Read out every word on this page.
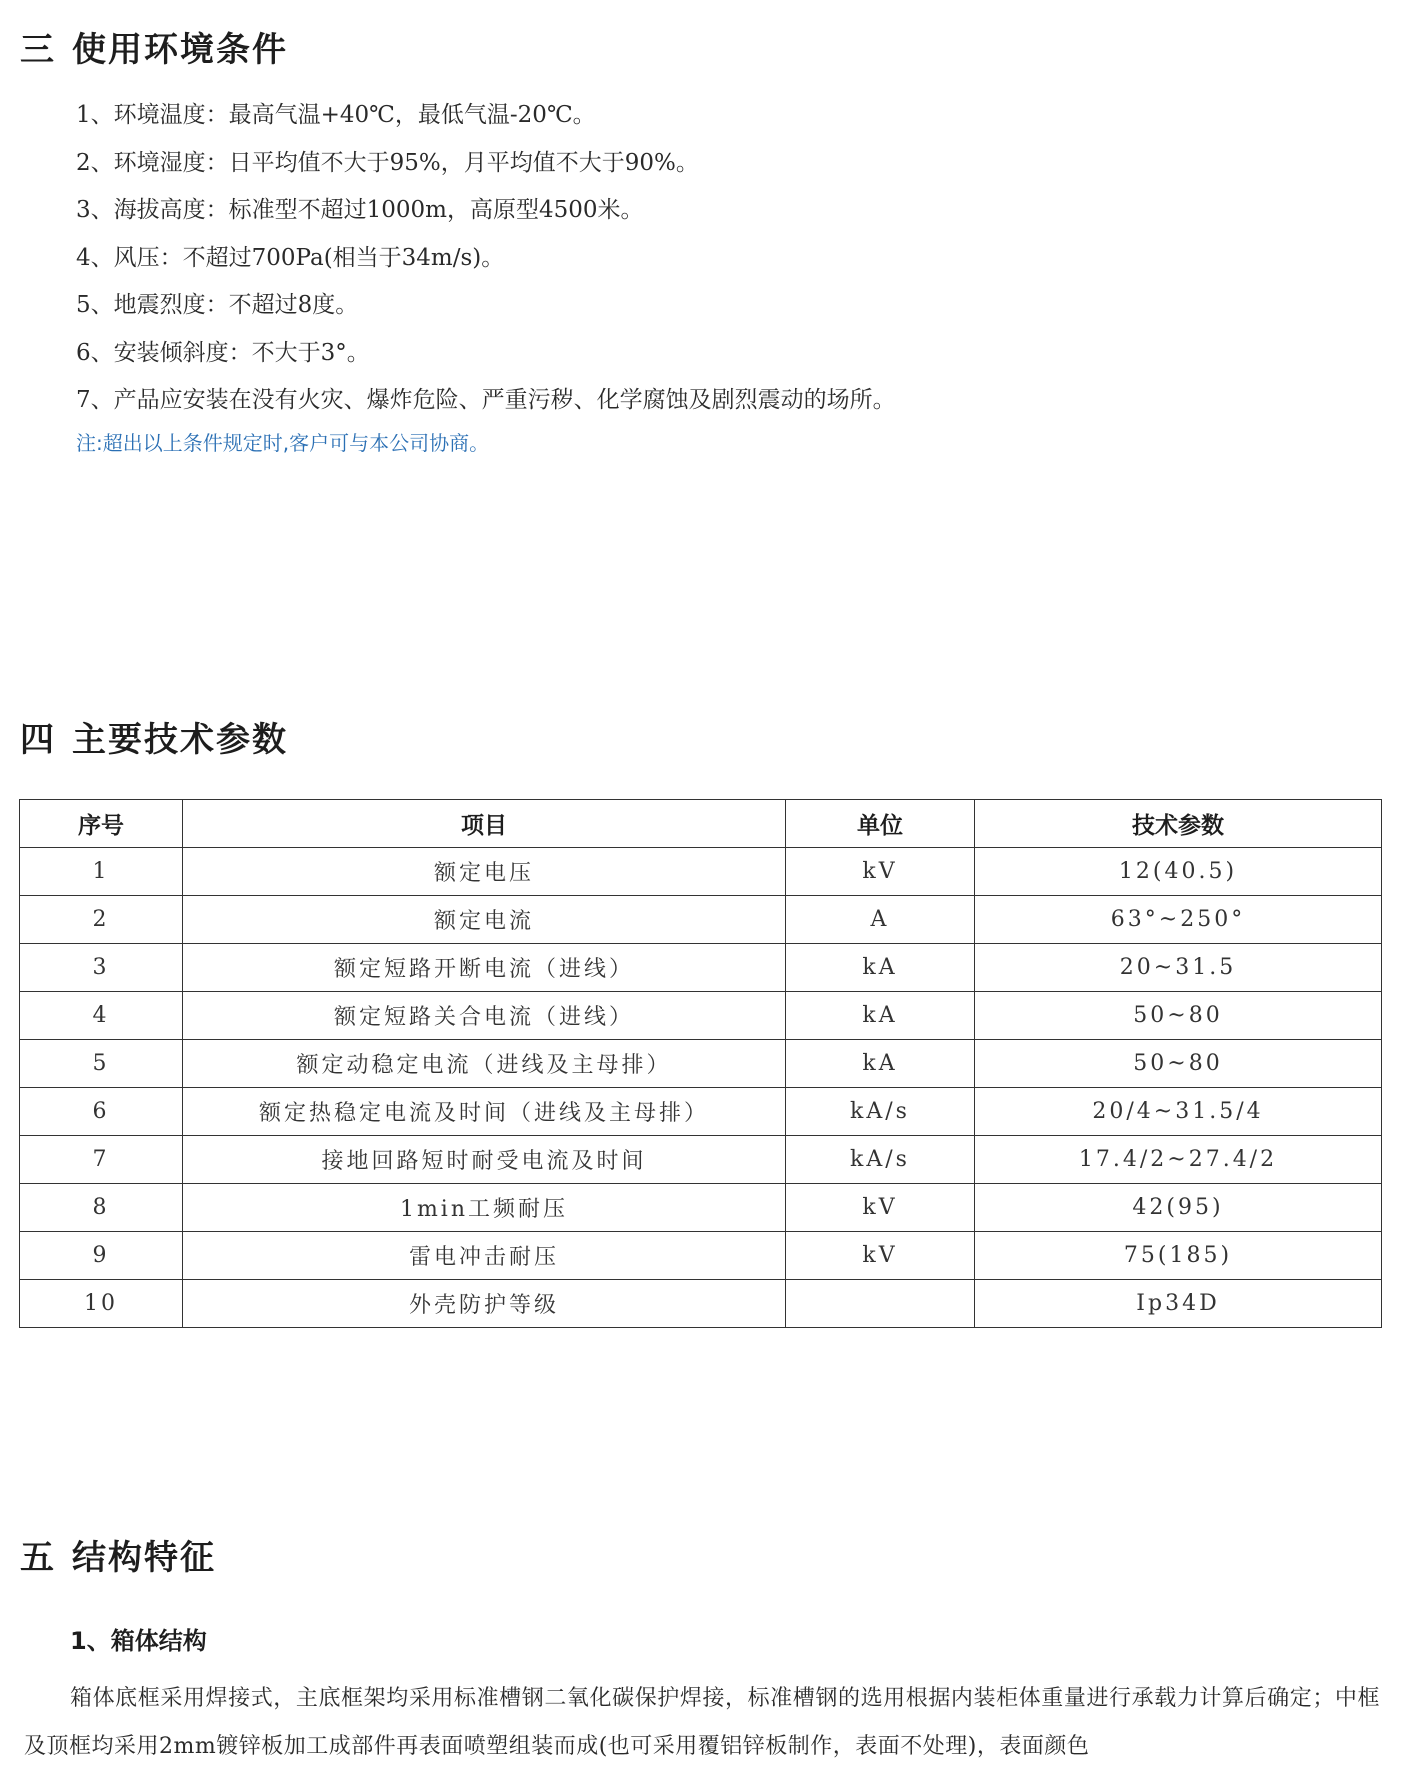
三 使用环境条件
1、环境温度：最高气温+40℃，最低气温-20℃。
2、环境湿度：日平均值不大于95%，月平均值不大于90%。
3、海拔高度：标准型不超过1000m，高原型4500米。
4、风压：不超过700Pa(相当于34m/s)。
5、地震烈度：不超过8度。
6、安装倾斜度：不大于3°。
7、产品应安装在没有火灾、爆炸危险、严重污秽、化学腐蚀及剧烈震动的场所。
注:超出以上条件规定时,客户可与本公司协商。
四 主要技术参数
序号	项目	单位	技术参数
1	额定电压	kV	12(40.5)
2	额定电流	A	63°~250°
3	额定短路开断电流（进线）	kA	20~31.5
4	额定短路关合电流（进线）	kA	50~80
5	额定动稳定电流（进线及主母排）	kA	50~80
6	额定热稳定电流及时间（进线及主母排）	kA/s	20/4~31.5/4
7	接地回路短时耐受电流及时间	kA/s	17.4/2~27.4/2
8	1min工频耐压	kV	42(95)
9	雷电冲击耐压	kV	75(185)
10	外壳防护等级		Ip34D
五 结构特征
1、箱体结构

箱体底框采用焊接式，主底框架均采用标准槽钢二氧化碳保护焊接，标准槽钢的选用根据内装柜体重量进行承载力计算后确定；中框及顶框均采用2mm镀锌板加工成部件再表面喷塑组装而成(也可采用覆铝锌板制作，表面不处理)，表面颜色
